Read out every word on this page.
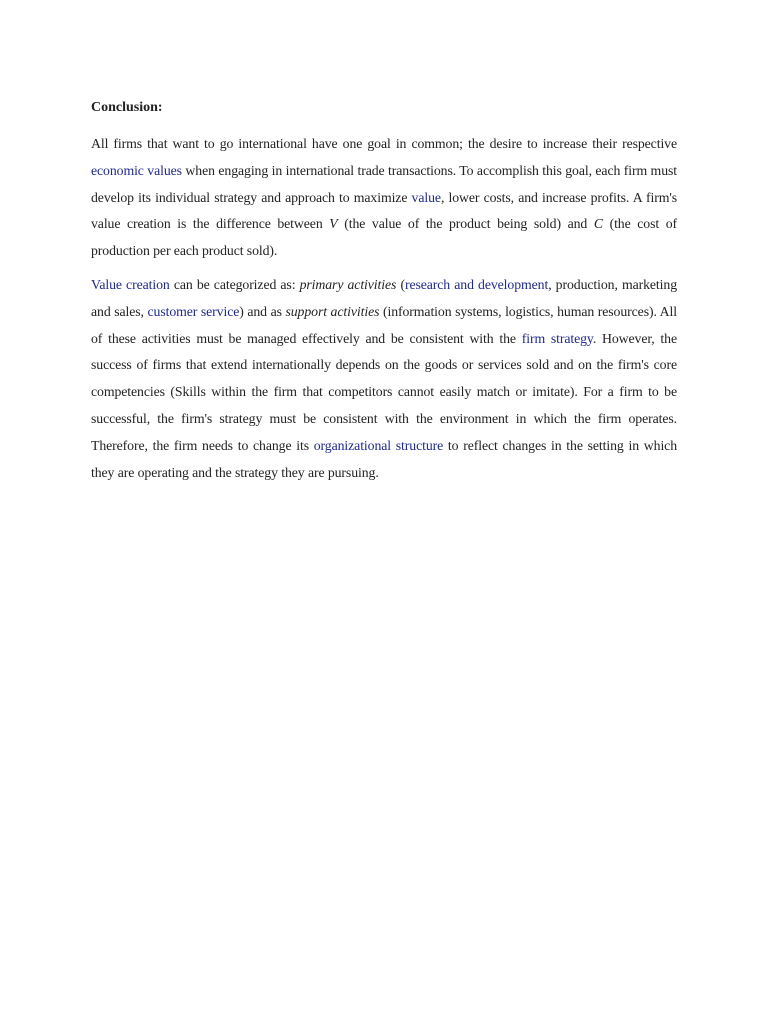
Conclusion:

All firms that want to go international have one goal in common; the desire to increase their respective economic values when engaging in international trade transactions. To accomplish this goal, each firm must develop its individual strategy and approach to maximize value, lower costs, and increase profits. A firm's value creation is the difference between V (the value of the product being sold) and C (the cost of production per each product sold).

Value creation can be categorized as: primary activities (research and development, production, marketing and sales, customer service) and as support activities (information systems, logistics, human resources). All of these activities must be managed effectively and be consistent with the firm strategy. However, the success of firms that extend internationally depends on the goods or services sold and on the firm's core competencies (Skills within the firm that competitors cannot easily match or imitate). For a firm to be successful, the firm's strategy must be consistent with the environment in which the firm operates. Therefore, the firm needs to change its organizational structure to reflect changes in the setting in which they are operating and the strategy they are pursuing.
